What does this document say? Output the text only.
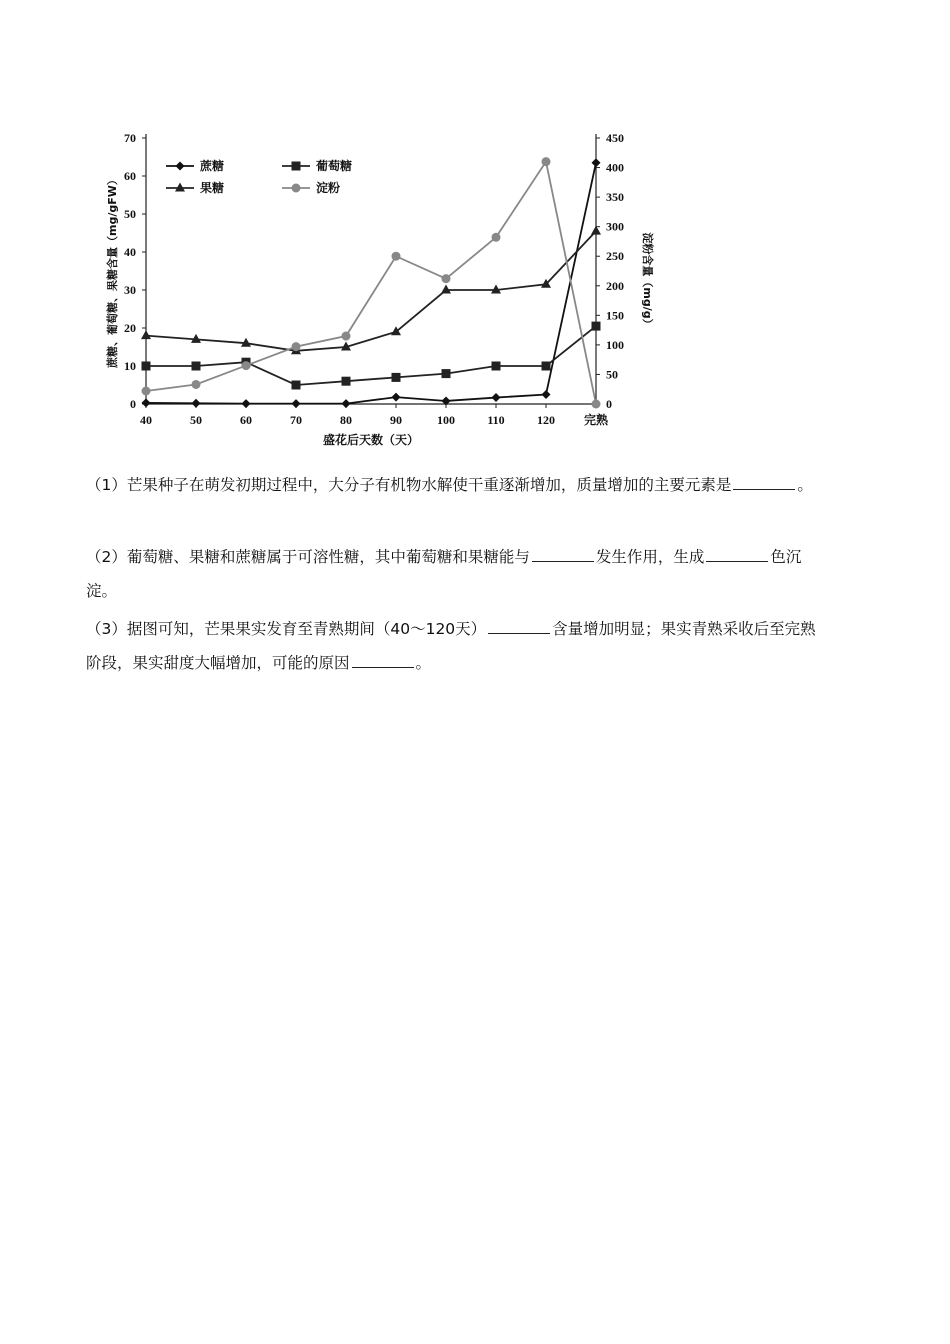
0
10
20
30
40
50
60
70
0
50
100
150
200
250
300
350
400
450
40	50	60	70	80	90	100	110	120 完熟
盛花后天数（天）
蔗糖、葡萄糖、果糖含量（mg/gFW）	淀粉含量（mg/g）
蔗糖	葡萄糖
果糖	淀粉
（1）芒果种子在萌发初期过程中，大分子有机物水解使干重逐渐增加，质量增加的主要元素是	。
（2）葡萄糖、果糖和蔗糖属于可溶性糖，其中葡萄糖和果糖能与	发生作用，生成	色沉
淀。
（3）据图可知，芒果果实发育至青熟期间（40～120天）	含量增加明显；果实青熟采收后至完熟
阶段，果实甜度大幅增加，可能的原因	。
